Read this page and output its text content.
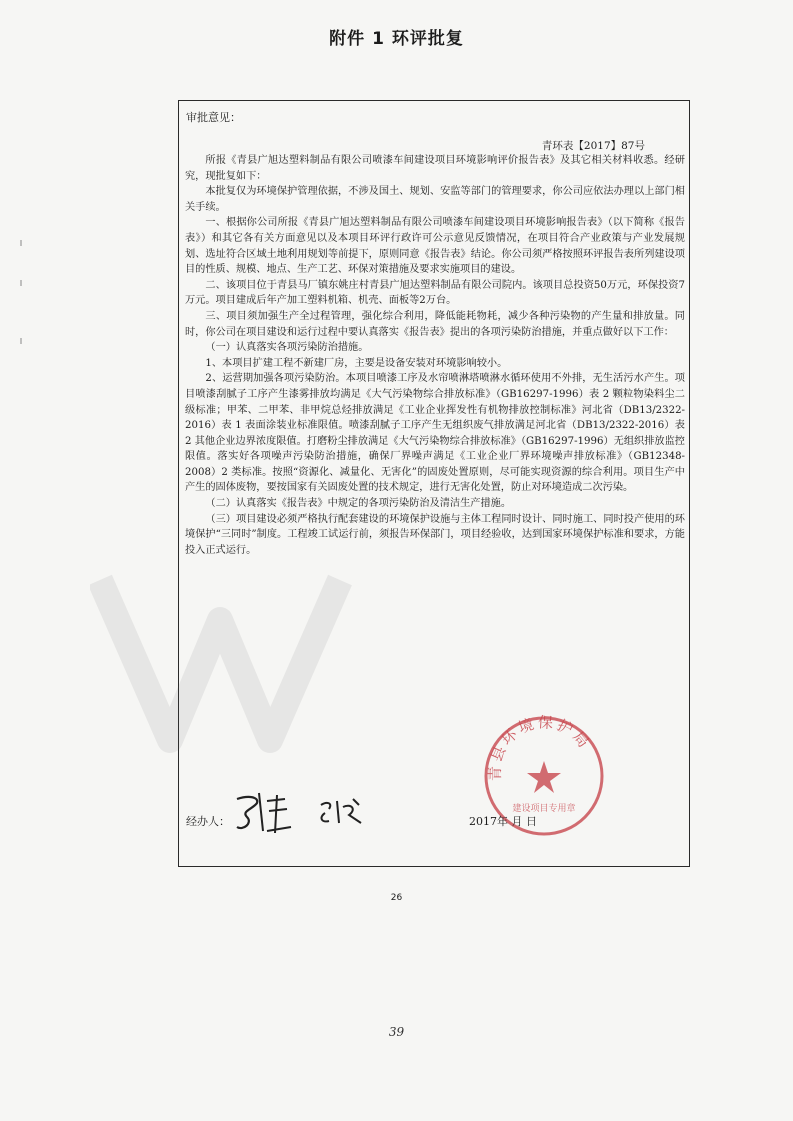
附件 1 环评批复
审批意见：
青环表【2017】87号

所报《青县广旭达塑料制品有限公司喷漆车间建设项目环境影响评价报告表》及其它相关材料收悉。经研究，现批复如下：

本批复仅为环境保护管理依据，不涉及国土、规划、安监等部门的管理要求，你公司应依法办理以上部门相关手续。

一、根据你公司所报《青县广旭达塑料制品有限公司喷漆车间建设项目环境影响报告表》（以下简称《报告表》）和其它各有关方面意见以及本项目环评行政许可公示意见反馈情况，在项目符合产业政策与产业发展规划、选址符合区域土地利用规划等前提下，原则同意《报告表》结论。你公司须严格按照环评报告表所列建设项目的性质、规模、地点、生产工艺、环保对策措施及要求实施项目的建设。

二、该项目位于青县马厂镇东姚庄村青县广旭达塑料制品有限公司院内。该项目总投资50万元，环保投资7万元。项目建成后年产加工塑料机箱、机壳、面板等2万台。

三、项目须加强生产全过程管理，强化综合利用，降低能耗物耗，减少各种污染物的产生量和排放量。同时，你公司在项目建设和运行过程中要认真落实《报告表》提出的各项污染防治措施，并重点做好以下工作：

（一）认真落实各项污染防治措施。

1、本项目扩建工程不新建厂房，主要是设备安装对环境影响较小。

2、运营期加强各项污染防治。本项目喷漆工序及水帘喷淋塔喷淋水循环使用不外排，无生活污水产生。项目喷漆刮腻子工序产生漆雾排放均满足《大气污染物综合排放标准》（GB16297-1996）表 2 颗粒物染料尘二级标准；甲苯、二甲苯、非甲烷总烃排放满足《工业企业挥发性有机物排放控制标准》河北省（DB13/2322-2016）表 1 表面涂装业标准限值。喷漆刮腻子工序产生无组织废气排放满足河北省（DB13/2322-2016）表 2 其他企业边界浓度限值。打磨粉尘排放满足《大气污染物综合排放标准》（GB16297-1996）无组织排放监控限值。落实好各项噪声污染防治措施，确保厂界噪声满足《工业企业厂界环境噪声排放标准》（GB12348-2008）2 类标准。按照“资源化、减量化、无害化”的固废处置原则，尽可能实现资源的综合利用。项目生产中产生的固体废物，要按国家有关固废处置的技术规定，进行无害化处置，防止对环境造成二次污染。

（二）认真落实《报告表》中规定的各项污染防治及清洁生产措施。

（三）项目建设必须严格执行配套建设的环境保护设施与主体工程同时设计、同时施工、同时投产使用的环境保护“三同时”制度。工程竣工试运行前，须报告环保部门，项目经验收，达到国家环境保护标准和要求，方能投入正式运行。

青县环境保护局
建设项目专用章
经办人：	2017年 月 日
26
39
